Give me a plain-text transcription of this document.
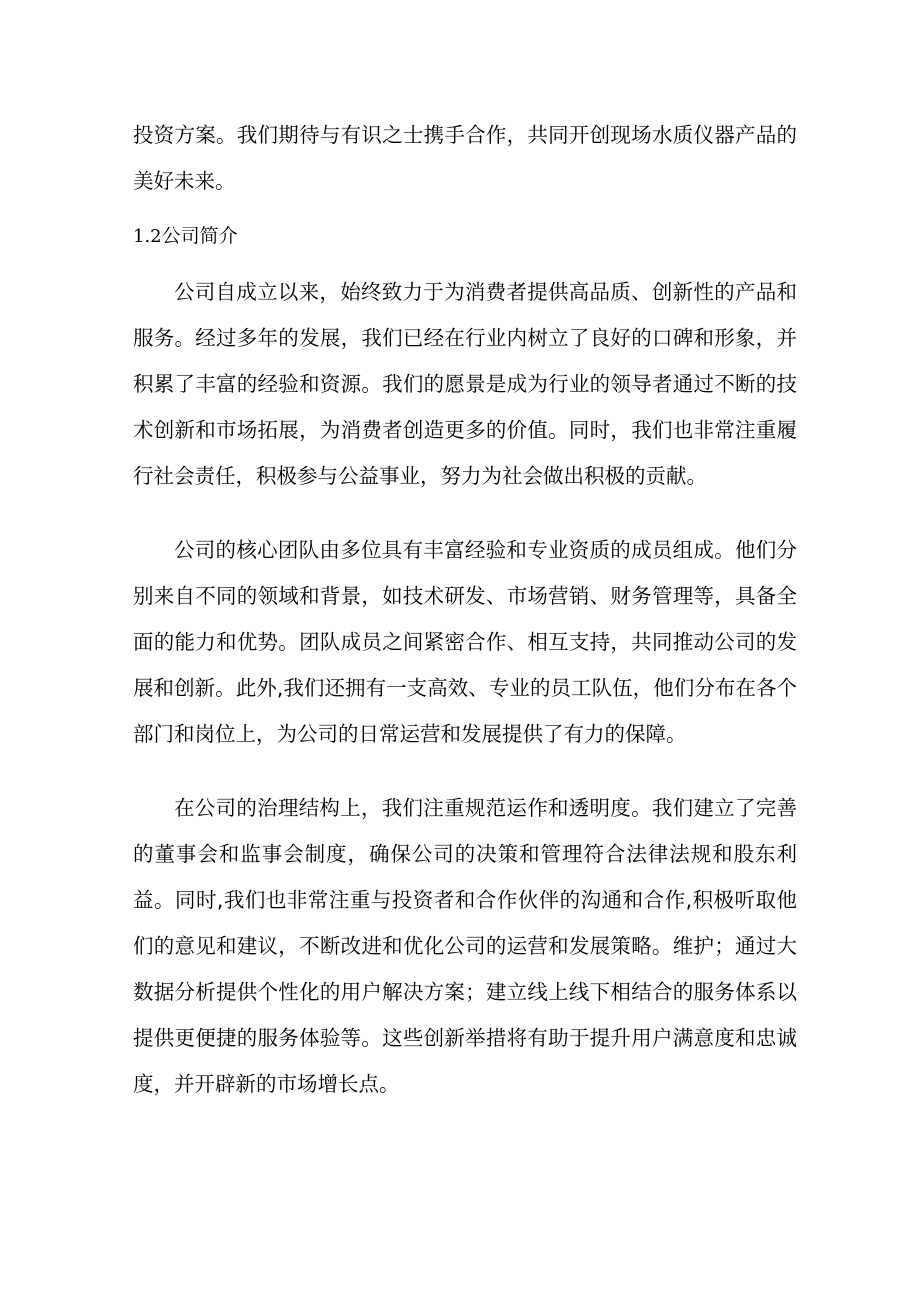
投资方案。我们期待与有识之士携手合作，共同开创现场水质仪器产品的美好未来。

1.2公司简介

公司自成立以来，始终致力于为消费者提供高品质、创新性的产品和服务。经过多年的发展，我们已经在行业内树立了良好的口碑和形象，并积累了丰富的经验和资源。我们的愿景是成为行业的领导者通过不断的技术创新和市场拓展，为消费者创造更多的价值。同时，我们也非常注重履行社会责任，积极参与公益事业，努力为社会做出积极的贡献。

公司的核心团队由多位具有丰富经验和专业资质的成员组成。他们分别来自不同的领域和背景，如技术研发、市场营销、财务管理等，具备全面的能力和优势。团队成员之间紧密合作、相互支持，共同推动公司的发展和创新。此外,我们还拥有一支高效、专业的员工队伍，他们分布在各个部门和岗位上，为公司的日常运营和发展提供了有力的保障。

在公司的治理结构上，我们注重规范运作和透明度。我们建立了完善的董事会和监事会制度，确保公司的决策和管理符合法律法规和股东利益。同时,我们也非常注重与投资者和合作伙伴的沟通和合作,积极听取他们的意见和建议，不断改进和优化公司的运营和发展策略。维护；通过大数据分析提供个性化的用户解决方案；建立线上线下相结合的服务体系以提供更便捷的服务体验等。这些创新举措将有助于提升用户满意度和忠诚度，并开辟新的市场增长点。
